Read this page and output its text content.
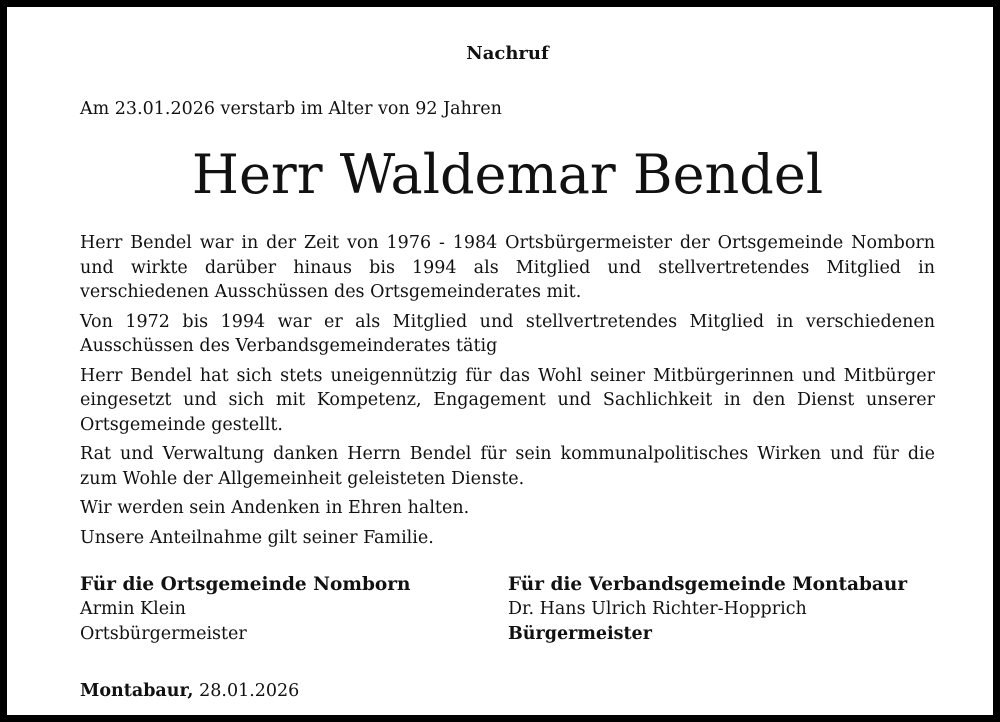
Nachruf
Am 23.01.2026 verstarb im Alter von 92 Jahren
Herr Waldemar Bendel

Herr Bendel war in der Zeit von 1976 - 1984 Ortsbürgermeister der Ortsgemeinde Nomborn und wirkte darüber hinaus bis 1994 als Mitglied und stellvertretendes Mitglied in verschiedenen Ausschüssen des Ortsgemeinderates mit.

Von 1972 bis 1994 war er als Mitglied und stellvertretendes Mitglied in verschiedenen Ausschüssen des Verbandsgemeinderates tätig

Herr Bendel hat sich stets uneigennützig für das Wohl seiner Mitbürgerinnen und Mitbürger eingesetzt und sich mit Kompetenz, Engagement und Sachlichkeit in den Dienst unserer Ortsgemeinde gestellt.

Rat und Verwaltung danken Herrn Bendel für sein kommunalpolitisches Wirken und für die zum Wohle der Allgemeinheit geleisteten Dienste.

Wir werden sein Andenken in Ehren halten.

Unsere Anteilnahme gilt seiner Familie.

Für die Ortsgemeinde Nomborn
Armin Klein
Ortsbürgermeister
Für die Verbandsgemeinde Montabaur
Dr. Hans Ulrich Richter-Hopprich
Bürgermeister
Montabaur, 28.01.2026
